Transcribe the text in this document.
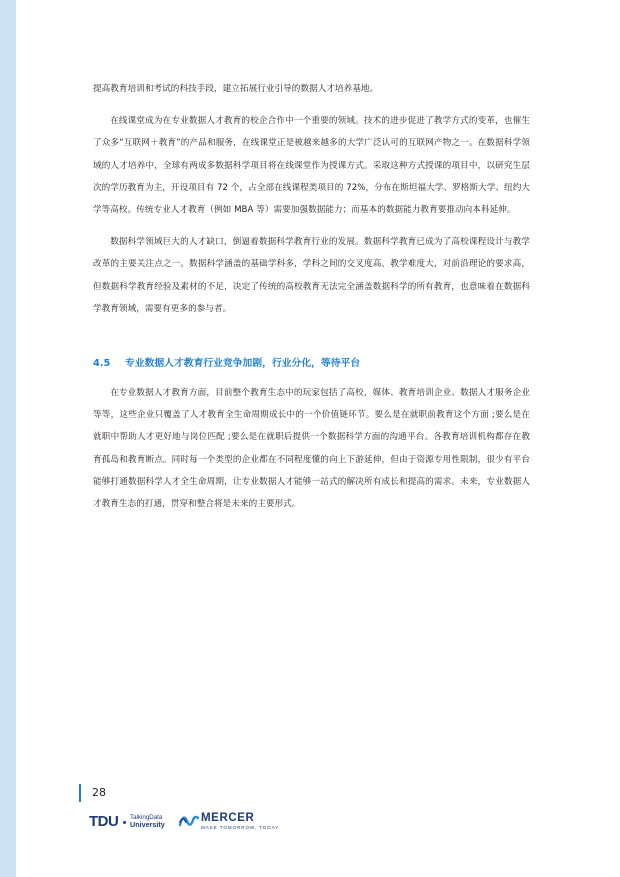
提高教育培训和考试的科技手段，建立拓展行业引导的数据人才培养基地。

在线课堂成为在专业数据人才教育的校企合作中一个重要的领域。技术的进步促进了教学方式的变革，也催生了众多“互联网＋教育”的产品和服务，在线课堂正是被越来越多的大学广泛认可的互联网产物之一。在数据科学领域的人才培养中，全球有两成多数据科学项目将在线课堂作为授课方式。采取这种方式授课的项目中，以研究生层次的学历教育为主，开设项目有 72 个，占全部在线课程类项目的 72%，分布在斯坦福大学、罗格斯大学、纽约大学等高校。传统专业人才教育（例如 MBA 等）需要加强数据能力；而基本的数据能力教育要推动向本科延伸。

数据科学领域巨大的人才缺口，倒逼着数据科学教育行业的发展。数据科学教育已成为了高校课程设计与教学改革的主要关注点之一。数据科学涵盖的基础学科多，学科之间的交叉度高，教学难度大，对前沿理论的要求高，但数据科学教育经验及素材的不足，决定了传统的高校教育无法完全涵盖数据科学的所有教育，也意味着在数据科学教育领域，需要有更多的参与者。

4.5 专业数据人才教育行业竞争加剧，行业分化，等待平台

在专业数据人才教育方面，目前整个教育生态中的玩家包括了高校，媒体、教育培训企业、数据人才服务企业等等，这些企业只覆盖了人才教育全生命周期成长中的一个价值链环节。要么是在就职前教育这个方面 ;要么是在就职中帮助人才更好地与岗位匹配 ;要么是在就职后提供一个数据科学方面的沟通平台。各教育培训机构都存在教育孤岛和教育断点。同时每一个类型的企业都在不同程度懂的向上下游延伸，但由于资源专用性限制，很少有平台能够打通数据科学人才全生命周期，让专业数据人才能够一站式的解决所有成长和提高的需求。未来，专业数据人才教育生态的打通，贯穿和整合将是未来的主要形式。

28
TDU TalkingData
University
MERCER
MAKE TOMORROW, TODAY
